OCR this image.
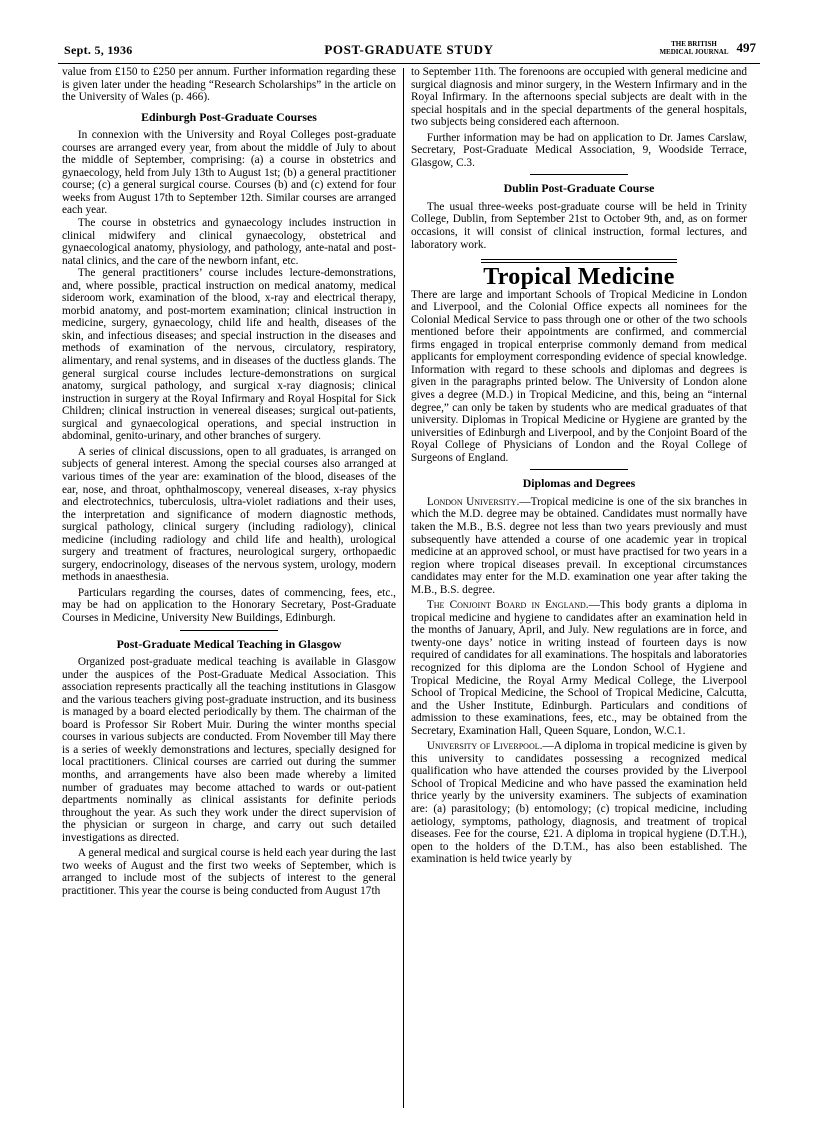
Sept. 5, 1936	POST-GRADUATE STUDY	THE BRITISH
MEDICAL JOURNAL 497

value from £150 to £250 per annum. Further information regarding these is given later under the heading “Research Scholarships” in the article on the University of Wales (p. 466).

Edinburgh Post-Graduate Courses

In connexion with the University and Royal Colleges post-graduate courses are arranged every year, from about the middle of July to about the middle of September, comprising: (a) a course in obstetrics and gynaecology, held from July 13th to August 1st; (b) a general practitioner course; (c) a general surgical course. Courses (b) and (c) extend for four weeks from August 17th to September 12th. Similar courses are arranged each year.

The course in obstetrics and gynaecology includes instruction in clinical midwifery and clinical gynaecology, obstetrical and gynaecological anatomy, physiology, and pathology, ante-natal and post-natal clinics, and the care of the newborn infant, etc.

The general practitioners’ course includes lecture-demonstrations, and, where possible, practical instruction on medical anatomy, medical sideroom work, examination of the blood, x-ray and electrical therapy, morbid anatomy, and post-mortem examination; clinical instruction in medicine, surgery, gynaecology, child life and health, diseases of the skin, and infectious diseases; and special instruction in the diseases and methods of examination of the nervous, circulatory, respiratory, alimentary, and renal systems, and in diseases of the ductless glands. The general surgical course includes lecture-demonstrations on surgical anatomy, surgical pathology, and surgical x-ray diagnosis; clinical instruction in surgery at the Royal Infirmary and Royal Hospital for Sick Children; clinical instruction in venereal diseases; surgical out-patients, surgical and gynaecological operations, and special instruction in abdominal, genito-urinary, and other branches of surgery.

A series of clinical discussions, open to all graduates, is arranged on subjects of general interest. Among the special courses also arranged at various times of the year are: examination of the blood, diseases of the ear, nose, and throat, ophthalmoscopy, venereal diseases, x-ray physics and electrotechnics, tuberculosis, ultra-violet radiations and their uses, the interpretation and significance of modern diagnostic methods, surgical pathology, clinical surgery (including radiology), clinical medicine (including radiology and child life and health), urological surgery and treatment of fractures, neurological surgery, orthopaedic surgery, endocrinology, diseases of the nervous system, urology, modern methods in anaesthesia.

Particulars regarding the courses, dates of commencing, fees, etc., may be had on application to the Honorary Secretary, Post-Graduate Courses in Medicine, University New Buildings, Edinburgh.

Post-Graduate Medical Teaching in Glasgow

Organized post-graduate medical teaching is available in Glasgow under the auspices of the Post-Graduate Medical Association. This association represents practically all the teaching institutions in Glasgow and the various teachers giving post-graduate instruction, and its business is managed by a board elected periodically by them. The chairman of the board is Professor Sir Robert Muir. During the winter months special courses in various subjects are conducted. From November till May there is a series of weekly demonstrations and lectures, specially designed for local practitioners. Clinical courses are carried out during the summer months, and arrangements have also been made whereby a limited number of graduates may become attached to wards or out-patient departments nominally as clinical assistants for definite periods throughout the year. As such they work under the direct supervision of the physician or surgeon in charge, and carry out such detailed investigations as directed.

A general medical and surgical course is held each year during the last two weeks of August and the first two weeks of September, which is arranged to include most of the subjects of interest to the general practitioner. This year the course is being conducted from August 17th

to September 11th. The forenoons are occupied with general medicine and surgical diagnosis and minor surgery, in the Western Infirmary and in the Royal Infirmary. In the afternoons special subjects are dealt with in the special hospitals and in the special departments of the general hospitals, two subjects being considered each afternoon.

Further information may be had on application to Dr. James Carslaw, Secretary, Post-Graduate Medical Association, 9, Woodside Terrace, Glasgow, C.3.

Dublin Post-Graduate Course

The usual three-weeks post-graduate course will be held in Trinity College, Dublin, from September 21st to October 9th, and, as on former occasions, it will consist of clinical instruction, formal lectures, and laboratory work.

Tropical Medicine

There are large and important Schools of Tropical Medicine in London and Liverpool, and the Colonial Office expects all nominees for the Colonial Medical Service to pass through one or other of the two schools mentioned before their appointments are confirmed, and commercial firms engaged in tropical enterprise commonly demand from medical applicants for employment corresponding evidence of special knowledge. Information with regard to these schools and diplomas and degrees is given in the paragraphs printed below. The University of London alone gives a degree (M.D.) in Tropical Medicine, and this, being an “internal degree,” can only be taken by students who are medical graduates of that university. Diplomas in Tropical Medicine or Hygiene are granted by the universities of Edinburgh and Liverpool, and by the Conjoint Board of the Royal College of Physicians of London and the Royal College of Surgeons of England.

Diplomas and Degrees

London University.—Tropical medicine is one of the six branches in which the M.D. degree may be obtained. Candidates must normally have taken the M.B., B.S. degree not less than two years previously and must subsequently have attended a course of one academic year in tropical medicine at an approved school, or must have practised for two years in a region where tropical diseases prevail. In exceptional circumstances candidates may enter for the M.D. examination one year after taking the M.B., B.S. degree.

The Conjoint Board in England.—This body grants a diploma in tropical medicine and hygiene to candidates after an examination held in the months of January, April, and July. New regulations are in force, and twenty-one days’ notice in writing instead of fourteen days is now required of candidates for all examinations. The hospitals and laboratories recognized for this diploma are the London School of Hygiene and Tropical Medicine, the Royal Army Medical College, the Liverpool School of Tropical Medicine, the School of Tropical Medicine, Calcutta, and the Usher Institute, Edinburgh. Particulars and conditions of admission to these examinations, fees, etc., may be obtained from the Secretary, Examination Hall, Queen Square, London, W.C.1.

University of Liverpool.—A diploma in tropical medicine is given by this university to candidates possessing a recognized medical qualification who have attended the courses provided by the Liverpool School of Tropical Medicine and who have passed the examination held thrice yearly by the university examiners. The subjects of examination are: (a) parasitology; (b) entomology; (c) tropical medicine, including aetiology, symptoms, pathology, diagnosis, and treatment of tropical diseases. Fee for the course, £21. A diploma in tropical hygiene (D.T.H.), open to the holders of the D.T.M., has also been established. The examination is held twice yearly by
